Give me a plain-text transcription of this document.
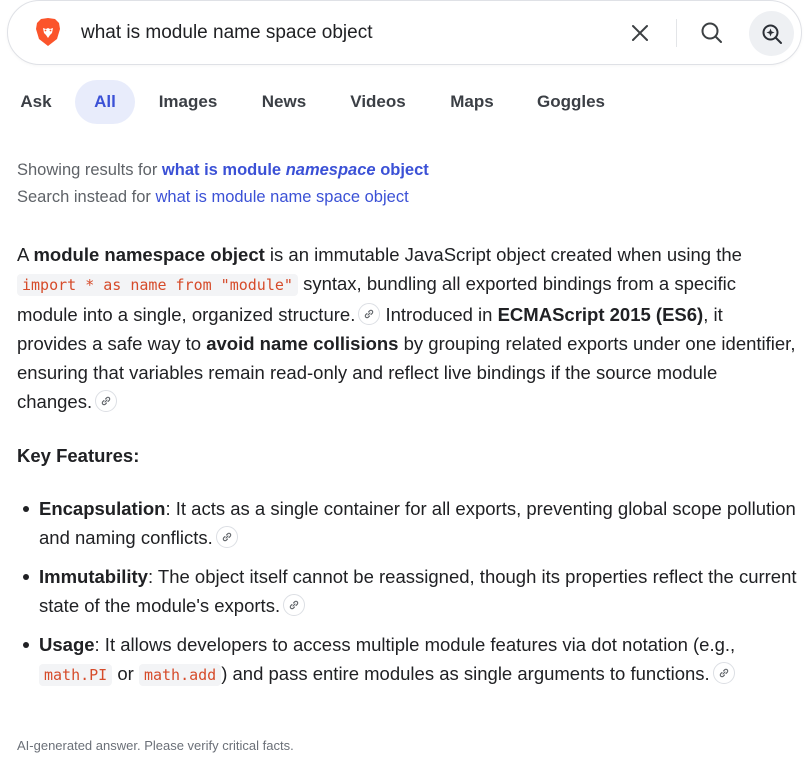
what is module name space object
Ask	All	Images	News	Videos	Maps	Goggles
Showing results for what is module namespace object
Search instead for what is module name space object
A module namespace object is an immutable JavaScript object created when using the import * as name from "module" syntax, bundling all exported bindings from a specific module into a single, organized structure.
Introduced in ECMAScript 2015 (ES6), it provides a safe way to avoid name collisions by grouping related exports under one identifier, ensuring that variables remain read-only and reflect live bindings if the source module changes.
Key Features:
Encapsulation: It acts as a single container for all exports, preventing global scope pollution and naming conflicts.
Immutability: The object itself cannot be reassigned, though its properties reflect the current state of the module's exports.
Usage: It allows developers to access multiple module features via dot notation (e.g., math.PI or math.add ) and pass entire modules as single arguments to functions.
AI-generated answer. Please verify critical facts.
